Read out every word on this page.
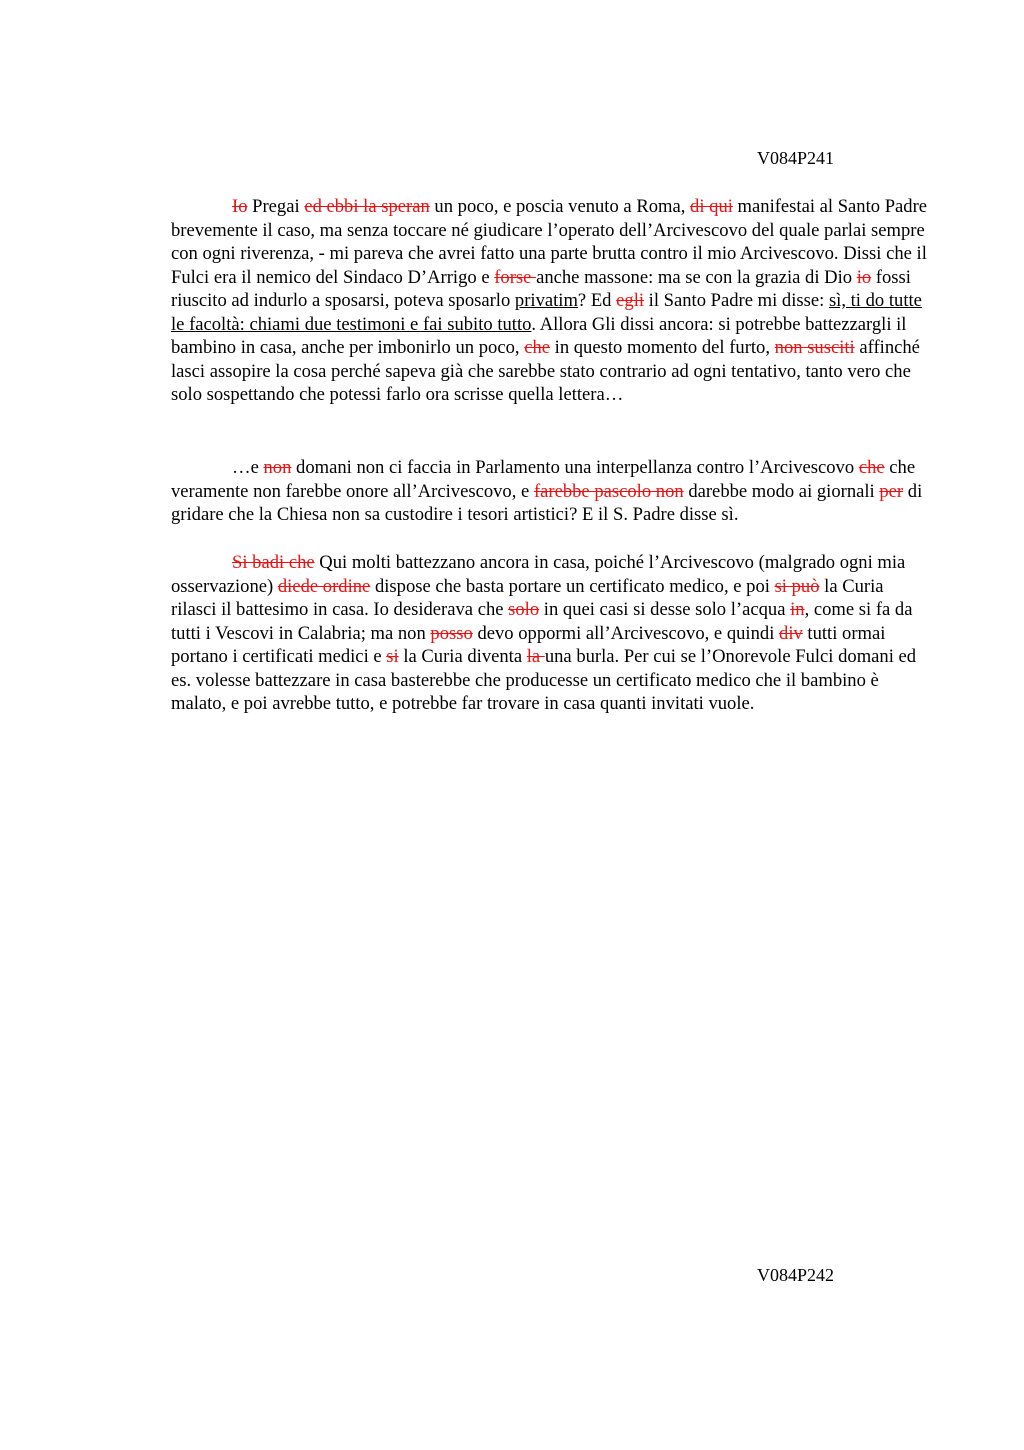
V084P241

Io Pregai ed ebbi la speran un poco, e poscia venuto a Roma, di qui manifestai al Santo Padre brevemente il caso, ma senza toccare né giudicare l’operato dell’Arcivescovo del quale parlai sempre con ogni riverenza, - mi pareva che avrei fatto una parte brutta contro il mio Arcivescovo. Dissi che il Fulci era il nemico del Sindaco D’Arrigo e forse anche massone: ma se con la grazia di Dio io fossi riuscito ad indurlo a sposarsi, poteva sposarlo privatim? Ed egli il Santo Padre mi disse: sì, ti do tutte le facoltà: chiami due testimoni e fai subito tutto. Allora Gli dissi ancora: si potrebbe battezzargli il bambino in casa, anche per imbonirlo un poco, che in questo momento del furto, non susciti affinché lasci assopire la cosa perché sapeva già che sarebbe stato contrario ad ogni tentativo, tanto vero che solo sospettando che potessi farlo ora scrisse quella lettera…

…e non domani non ci faccia in Parlamento una interpellanza contro l’Arcivescovo che che veramente non farebbe onore all’Arcivescovo, e farebbe pascolo non darebbe modo ai giornali per di gridare che la Chiesa non sa custodire i tesori artistici? E il S. Padre disse sì.

Si badi che Qui molti battezzano ancora in casa, poiché l’Arcivescovo (malgrado ogni mia osservazione) diede ordine dispose che basta portare un certificato medico, e poi si può la Curia rilasci il battesimo in casa. Io desiderava che solo in quei casi si desse solo l’acqua in, come si fa da tutti i Vescovi in Calabria; ma non posso devo oppormi all’Arcivescovo, e quindi div tutti ormai portano i certificati medici e si la Curia diventa la una burla. Per cui se l’Onorevole Fulci domani ed es. volesse battezzare in casa basterebbe che producesse un certificato medico che il bambino è malato, e poi avrebbe tutto, e potrebbe far trovare in casa quanti invitati vuole.

V084P242
